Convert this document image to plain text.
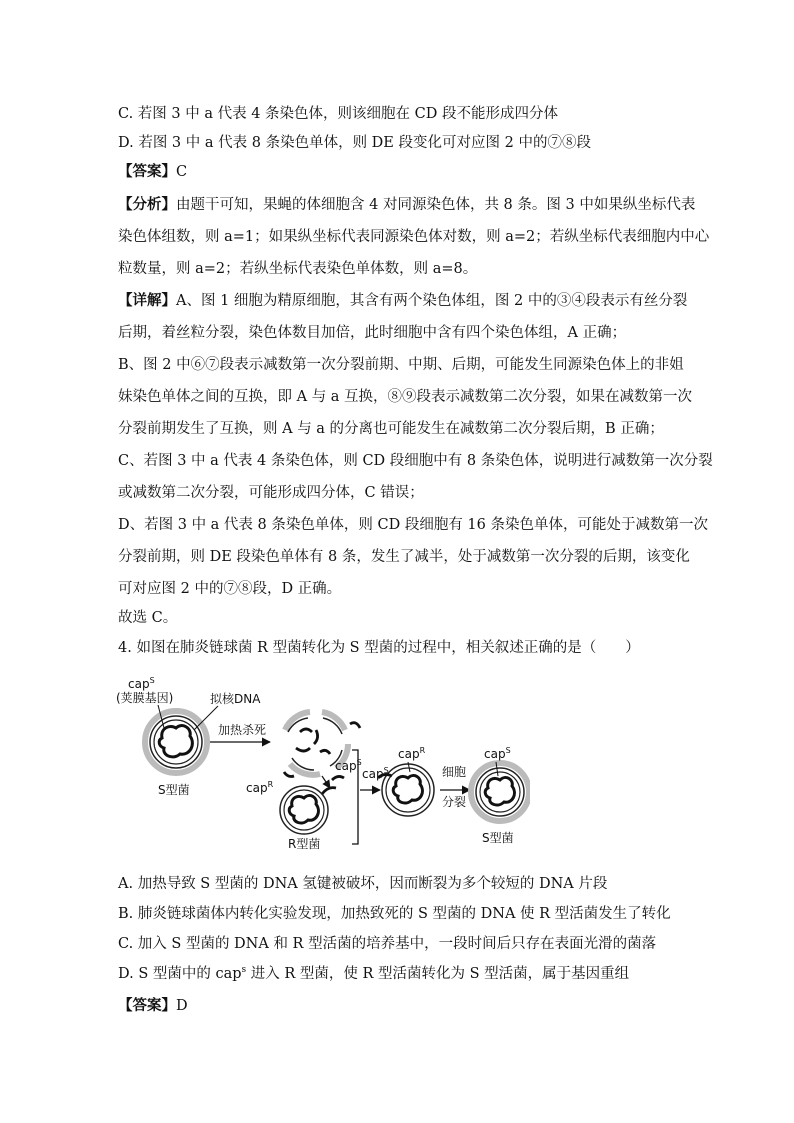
C. 若图 3 中 a 代表 4 条染色体，则该细胞在 CD 段不能形成四分体
D. 若图 3 中 a 代表 8 条染色单体，则 DE 段变化可对应图 2 中的⑦⑧段
【答案】C
【分析】由题干可知，果蝇的体细胞含 4 对同源染色体，共 8 条。图 3 中如果纵坐标代表
染色体组数，则 a=1；如果纵坐标代表同源染色体对数，则 a=2；若纵坐标代表细胞内中心
粒数量，则 a=2；若纵坐标代表染色单体数，则 a=8。
【详解】A、图 1 细胞为精原细胞，其含有两个染色体组，图 2 中的③④段表示有丝分裂
后期，着丝粒分裂，染色体数目加倍，此时细胞中含有四个染色体组，A 正确；
B、图 2 中⑥⑦段表示减数第一次分裂前期、中期、后期，可能发生同源染色体上的非姐
妹染色单体之间的互换，即 A 与 a 互换，⑧⑨段表示减数第二次分裂，如果在减数第一次
分裂前期发生了互换，则 A 与 a 的分离也可能发生在减数第二次分裂后期，B 正确；
C、若图 3 中 a 代表 4 条染色体，则 CD 段细胞中有 8 条染色体，说明进行减数第一次分裂
或减数第二次分裂，可能形成四分体，C 错误；
D、若图 3 中 a 代表 8 条染色单体，则 CD 段细胞有 16 条染色单体，可能处于减数第一次
分裂前期，则 DE 段染色单体有 8 条，发生了减半，处于减数第一次分裂的后期，该变化
可对应图 2 中的⑦⑧段，D 正确。
故选 C。
4. 如图在肺炎链球菌 R 型菌转化为 S 型菌的过程中，相关叙述正确的是（　　）
cap$^S$
(荚膜基因)	拟核DNA
S型菌
加热杀死
cap$^S$
cap$^R$
R型菌
cap$^S$
cap$^R$
细胞
分裂
cap$^S$
S型菌
A. 加热导致 S 型菌的 DNA 氢键被破坏，因而断裂为多个较短的 DNA 片段
B. 肺炎链球菌体内转化实验发现，加热致死的 S 型菌的 DNA 使 R 型活菌发生了转化
C. 加入 S 型菌的 DNA 和 R 型活菌的培养基中，一段时间后只存在表面光滑的菌落
D. S 型菌中的 cap$^s$ 进入 R 型菌，使 R 型活菌转化为 S 型活菌，属于基因重组
【答案】D
